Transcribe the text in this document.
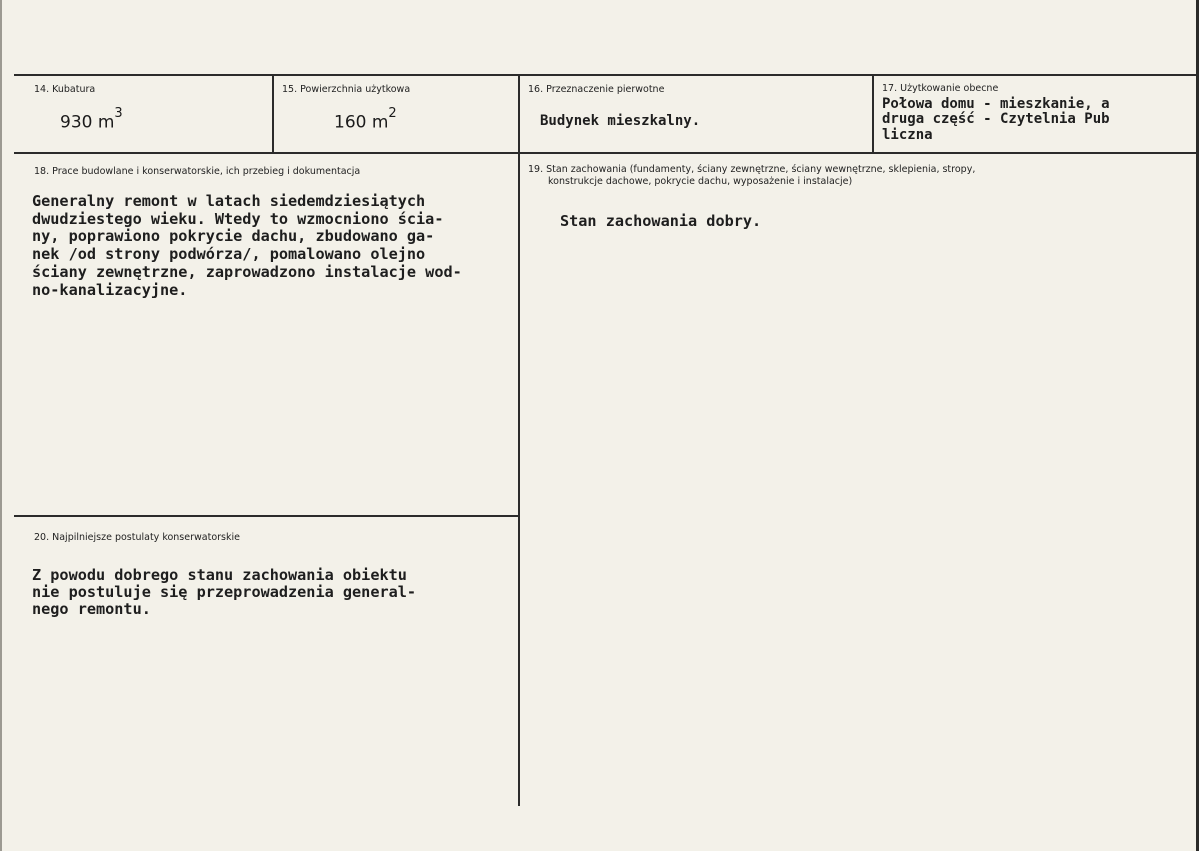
14. Kubatura
930 $m^3$
15. Powierzchnia użytkowa
160 $m^2$
16. Przeznaczenie pierwotne
Budynek mieszkalny.
17. Użytkowanie obecne
Połowa domu - mieszkanie, a
druga część - Czytelnia Pub
liczna
18. Prace budowlane i konserwatorskie, ich przebieg i dokumentacja
Generalny remont w latach siedemdziesiątych
dwudziestego wieku. Wtedy to wzmocniono ścia-
ny, poprawiono pokrycie dachu, zbudowano ga-
nek /od strony podwórza/, pomalowano olejno
ściany zewnętrzne, zaprowadzono instalacje wod-
no-kanalizacyjne.
19. Stan zachowania (fundamenty, ściany zewnętrzne, ściany wewnętrzne, sklepienia, stropy,
konstrukcje dachowe, pokrycie dachu, wyposażenie i instalacje)
Stan zachowania dobry.
20. Najpilniejsze postulaty konserwatorskie
Z powodu dobrego stanu zachowania obiektu
nie postuluje się przeprowadzenia general-
nego remontu.
